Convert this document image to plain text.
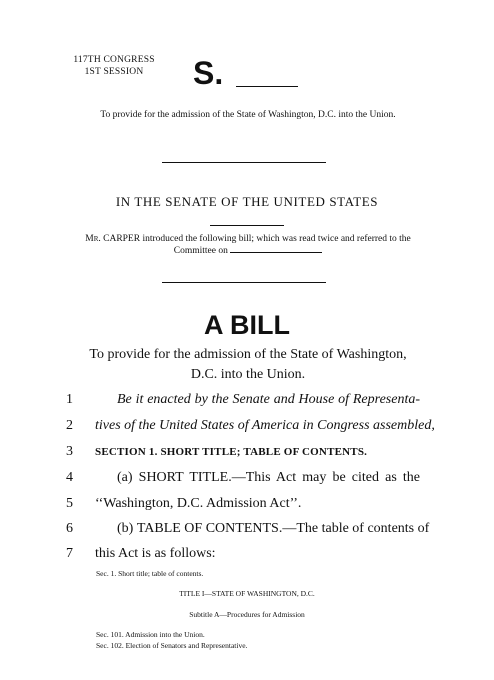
117TH CONGRESS
1ST SESSION	S.
To provide for the admission of the State of Washington, D.C. into the Union.
IN THE SENATE OF THE UNITED STATES
Mr. CARPER introduced the following bill; which was read twice and referred to the Committee on
A BILL
To provide for the admission of the State of Washington, D.C. into the Union.
1	Be it enacted by the Senate and House of Representa-
2	tives of the United States of America in Congress assembled,
3	SECTION 1. SHORT TITLE; TABLE OF CONTENTS.
4	(a) SHORT TITLE.—This Act may be cited as the
5	‘‘Washington, D.C. Admission Act’’.
6	(b) TABLE OF CONTENTS.—The table of contents of
7	this Act is as follows:
Sec. 1. Short title; table of contents.
TITLE I—STATE OF WASHINGTON, D.C.
Subtitle A—Procedures for Admission
Sec. 101. Admission into the Union.
Sec. 102. Election of Senators and Representative.
